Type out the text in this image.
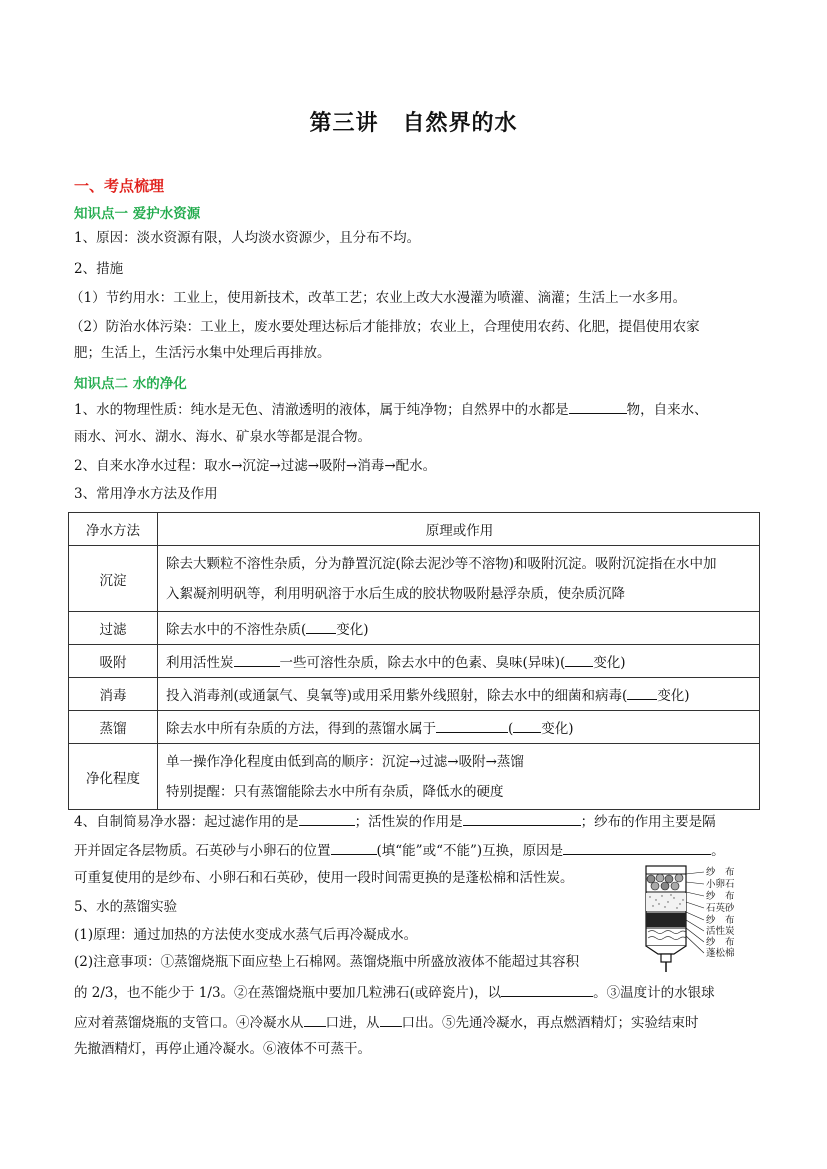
第三讲 自然界的水
一、考点梳理
知识点一 爱护水资源
1、原因：淡水资源有限，人均淡水资源少，且分布不均。
2、措施
（1）节约用水：工业上，使用新技术，改革工艺；农业上改大水漫灌为喷灌、滴灌；生活上一水多用。
（2）防治水体污染：工业上，废水要处理达标后才能排放；农业上，合理使用农药、化肥，提倡使用农家
肥；生活上，生活污水集中处理后再排放。
知识点二 水的净化
1、水的物理性质：纯水是无色、清澈透明的液体，属于纯净物；自然界中的水都是	物，自来水、
雨水、河水、湖水、海水、矿泉水等都是混合物。
2、自来水净水过程：取水→沉淀→过滤→吸附→消毒→配水。
3、常用净水方法及作用
净水方法	原理或作用
沉淀	除去大颗粒不溶性杂质，分为静置沉淀(除去泥沙等不溶物)和吸附沉淀。吸附沉淀指在水中加
入絮凝剂明矾等，利用明矾溶于水后生成的胶状物吸附悬浮杂质，使杂质沉降
过滤	除去水中的不溶性杂质( 变化)
吸附	利用活性炭 一些可溶性杂质，除去水中的色素、臭味(异味)( 变化)
消毒	投入消毒剂(或通氯气、臭氧等)或用采用紫外线照射，除去水中的细菌和病毒( 变化)
蒸馏	除去水中所有杂质的方法，得到的蒸馏水属于 ( 变化)
净化程度	单一操作净化程度由低到高的顺序：沉淀→过滤→吸附→蒸馏
特别提醒：只有蒸馏能除去水中所有杂质，降低水的硬度
4、自制简易净水器：起过滤作用的是	；活性炭的作用是	；纱布的作用主要是隔
开并固定各层物质。石英砂与小卵石的位置	(填“能”或“不能”)互换，原因是	。
可重复使用的是纱布、小卵石和石英砂，使用一段时间需更换的是蓬松棉和活性炭。
5、水的蒸馏实验
(1)原理：通过加热的方法使水变成水蒸气后再冷凝成水。
(2)注意事项：①蒸馏烧瓶下面应垫上石棉网。蒸馏烧瓶中所盛放液体不能超过其容积
的 2/3，也不能少于 1/3。②在蒸馏烧瓶中要加几粒沸石(或碎瓷片)，以	。③温度计的水银球
应对着蒸馏烧瓶的支管口。④冷凝水从 口进，从 口出。⑤先通冷凝水，再点燃酒精灯；实验结束时
先撤酒精灯，再停止通冷凝水。⑥液体不可蒸干。
纱　布
小卵石
纱　布
石英砂
纱　布
活性炭
纱　布
蓬松棉
